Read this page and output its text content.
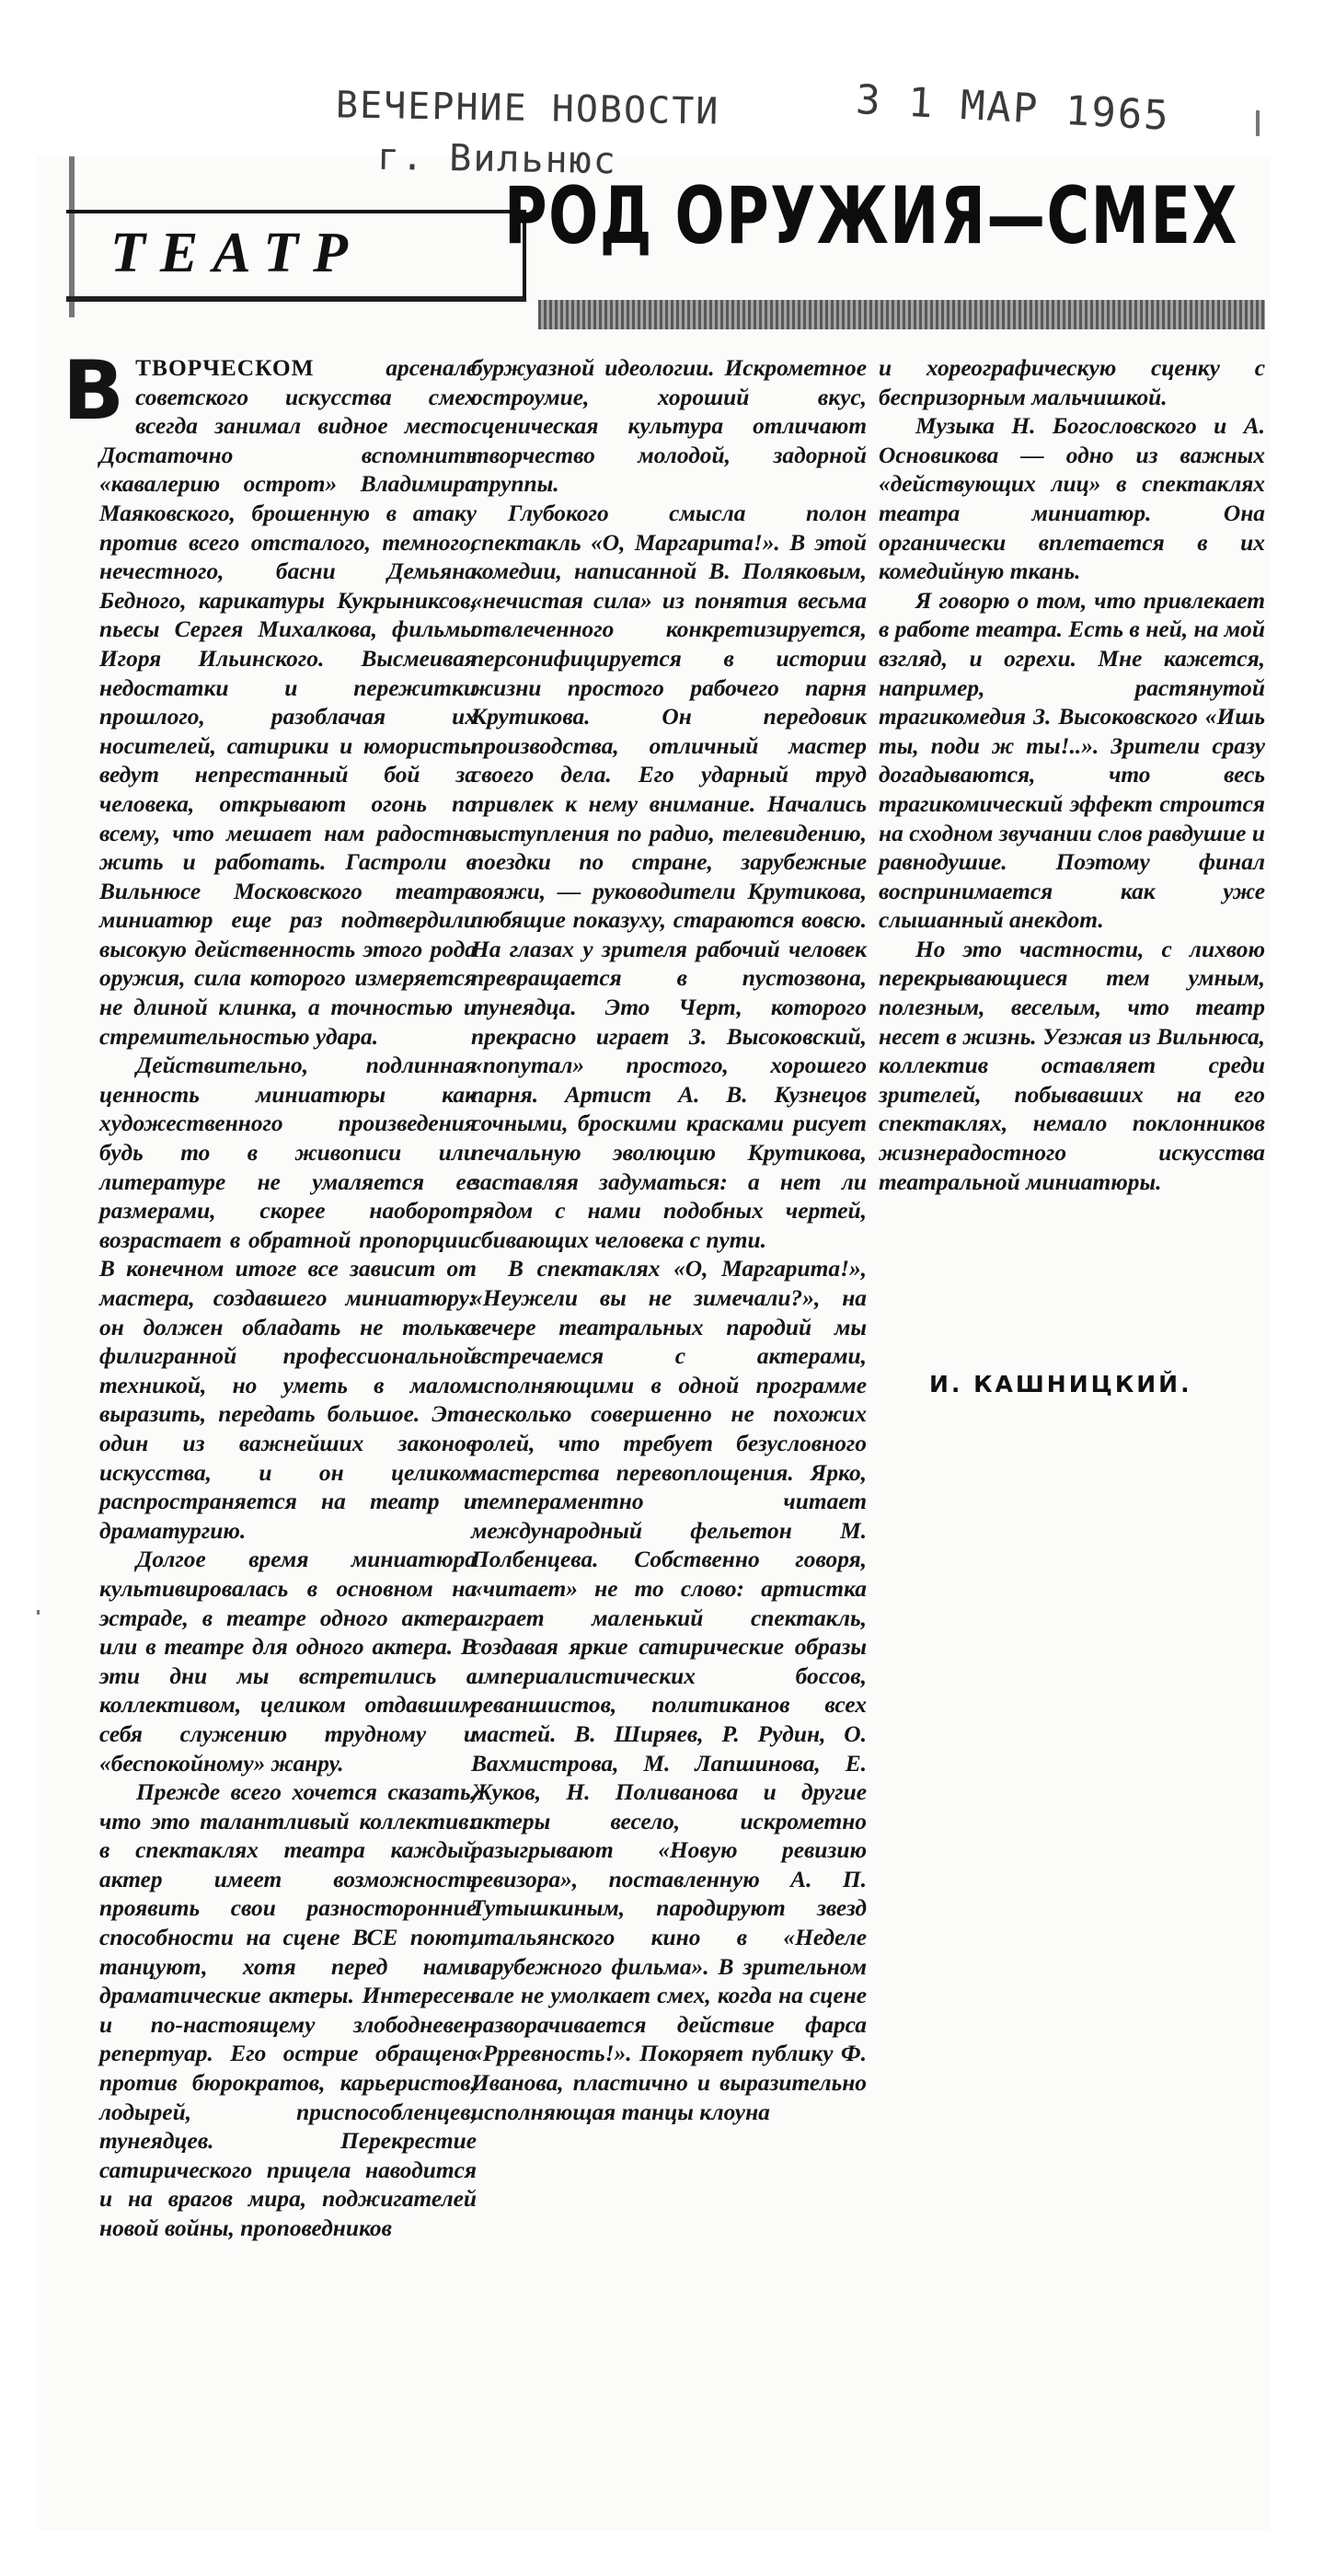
ВЕЧЕРНИЕ НОВОСТИ
г. Вильнюс
3 1 МАР 1965
ТЕАТР РОД ОРУЖИЯ—СМЕХ

ВТВОРЧЕСКОМ	арсенале советского искусства смех всегда занимал видное место. Достаточно вспомнить «кавалерию острот» Владимира Маяковского, брошенную в атаку против всего отсталого, темного, нечестного, басни Демьяна Бедного, карикатуры Кукрыниксов, пьесы Сергея Михалкова, фильмы Игоря Ильинского. Высмеивая недостатки и пережитки прошлого, разоблачая их носителей, сатирики и юмористы ведут непрестанный бой за человека, открывают огонь по всему, что мешает нам радостно жить и работать. Гастроли в Вильнюсе Московского театра миниатюр еще раз подтвердили высокую действенность этого рода оружия, сила которого измеряется не длиной клинка, а точностью и стремительностью удара.

Действительно, подлинная ценность миниатюры как художественного произведения будь то в живописи или литературе не умаляется ее размерами, скорее наоборот, возрастает в обратной пропорции. В конечном итоге все зависит от мастера, создавшего миниатюру: он должен обладать не только филигранной профессиональной техникой, но уметь в малом выразить, передать большое. Это один из важнейших законов искусства, и он целиком распространяется на театр и драматургию.

Долгое время миниатюра культивировалась в основном на эстраде, в театре одного актера или в театре для одного актера. В эти дни мы встретились с коллективом, целиком отдавшим себя служению трудному и «беспокойному» жанру.

Прежде всего хочется сказать, что это талантливый коллектив: в спектаклях театра каждый актер имеет возможность проявить свои разносторонние способности на сцене ВСЕ поют, танцуют, хотя перед нами драматические актеры. Интересен и по-настоящему злободневен репертуар. Его острие обращено против бюрократов, карьеристов, лодырей, приспособленцев, тунеядцев. Перекрестие сатирического прицела наводится и на врагов мира, поджигателей новой войны, проповедников

буржуазной идеологии. Искрометное остроумие, хороший вкус, сценическая культура отличают творчество молодой, задорной труппы.

Глубокого смысла полон спектакль «О, Маргарита!». В этой комедии, написанной В. Поляковым, «нечистая сила» из понятия весьма отвлеченного конкретизируется, персонифицируется в истории жизни простого рабочего парня Крутикова. Он передовик производства, отличный мастер своего дела. Его ударный труд привлек к нему внимание. Начались выступления по радио, телевидению, поездки по стране, зарубежные вояжи, — руководители Крутикова, любящие показуху, стараются вовсю. На глазах у зрителя рабочий человек превращается в пустозвона, тунеядца. Это Черт, которого прекрасно играет З. Высоковский, «попутал» простого, хорошего парня. Артист А. В. Кузнецов сочными, броскими красками рисует печальную эволюцию Крутикова, заставляя задуматься: а нет ли рядом с нами подобных чертей, сбивающих человека с пути.

В спектаклях «О, Маргарита!», «Неужели вы не зимечали?», на вечере театральных пародий мы встречаемся с актерами, исполняющими в одной программе несколько совершенно не похожих ролей, что требует безусловного мастерства перевоплощения. Ярко, темпераментно читает международный фельетон М. Полбенцева. Собственно говоря, «читает» не то слово: артистка играет маленький спектакль, создавая яркие сатирические образы империалистических боссов, реваншистов, политиканов всех мастей. В. Ширяев, Р. Рудин, О. Вахмистрова, М. Лапшинова, Е. Жуков, Н. Поливанова и другие актеры весело, искрометно разыгрывают «Новую ревизию ревизора», поставленную А. П. Тутышкиным, пародируют звезд итальянского кино в «Неделе зарубежного фильма». В зрительном зале не умолкает смех, когда на сцене разворачивается действие фарса «Ррревность!». Покоряет публику Ф. Иванова, пластично и выразительно исполняющая танцы клоуна

и хореографическую сценку с беспризорным мальчишкой.

Музыка Н. Богословского и А. Основикова — одно из важных «действующих лиц» в спектаклях театра миниатюр. Она органически вплетается в их комедийную ткань.

Я говорю о том, что привлекает в работе театра. Есть в ней, на мой взгляд, и огрехи. Мне кажется, например, растянутой трагикомедия З. Высоковского «Ишь ты, поди ж ты!..». Зрители сразу догадываются, что весь трагикомический эффект строится на сходном звучании слов равдушие и равнодушие. Поэтому финал воспринимается как уже слышанный анекдот.

Но это частности, с лихвою перекрывающиеся тем умным, полезным, веселым, что театр несет в жизнь. Уезжая из Вильнюса, коллектив оставляет среди зрителей, побывавших на его спектаклях, немало поклонников жизнерадостного искусства театральной миниатюры.

И. КАШНИЦКИЙ.
